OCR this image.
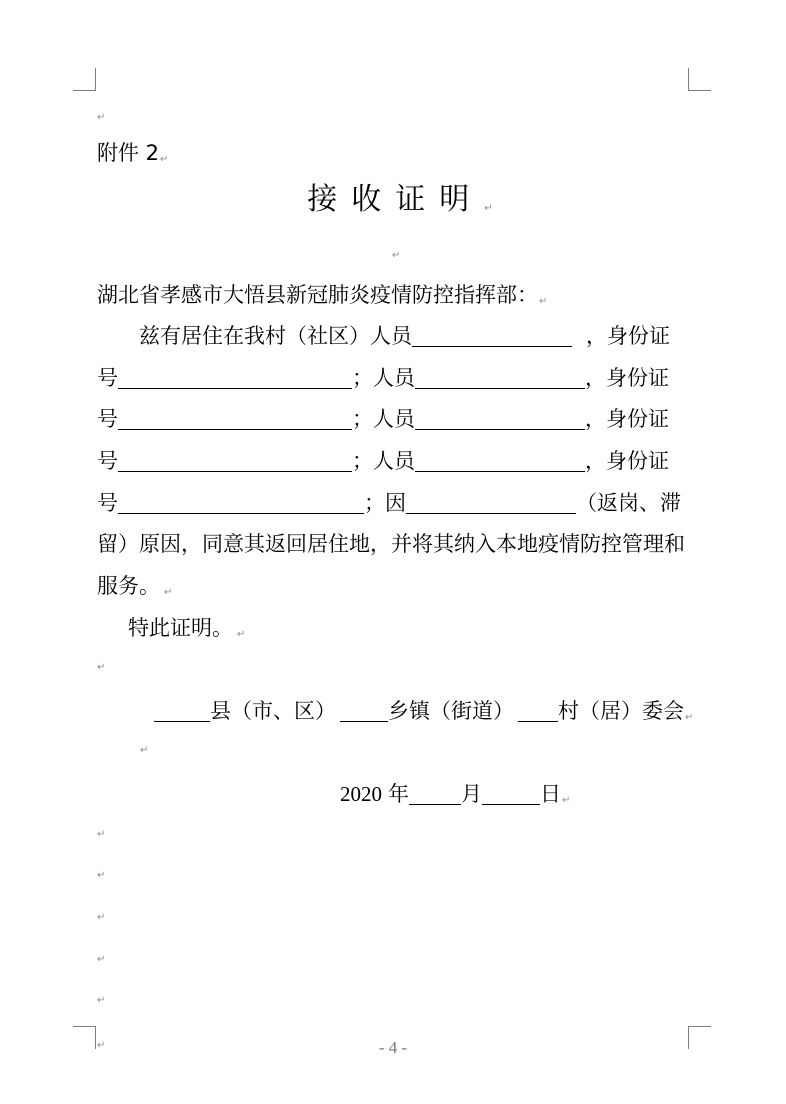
↵
附件 2↵
接收证明↵
↵
湖北省孝感市大悟县新冠肺炎疫情防控指挥部：↵
兹有居住在我村（社区）人员	，身份证
号	；人员	，身份证
号	；人员	，身份证
号	；人员	，身份证
号	；因	（返岗、滞
留）原因，同意其返回居住地，并将其纳入本地疫情防控管理和
服务。 ↵
特此证明。 ↵
↵
县（市、区） 乡镇（街道） 村（居）委会↵
↵
2020 年 月	日↵
↵
↵
↵
↵
↵
↵	- 4 -
